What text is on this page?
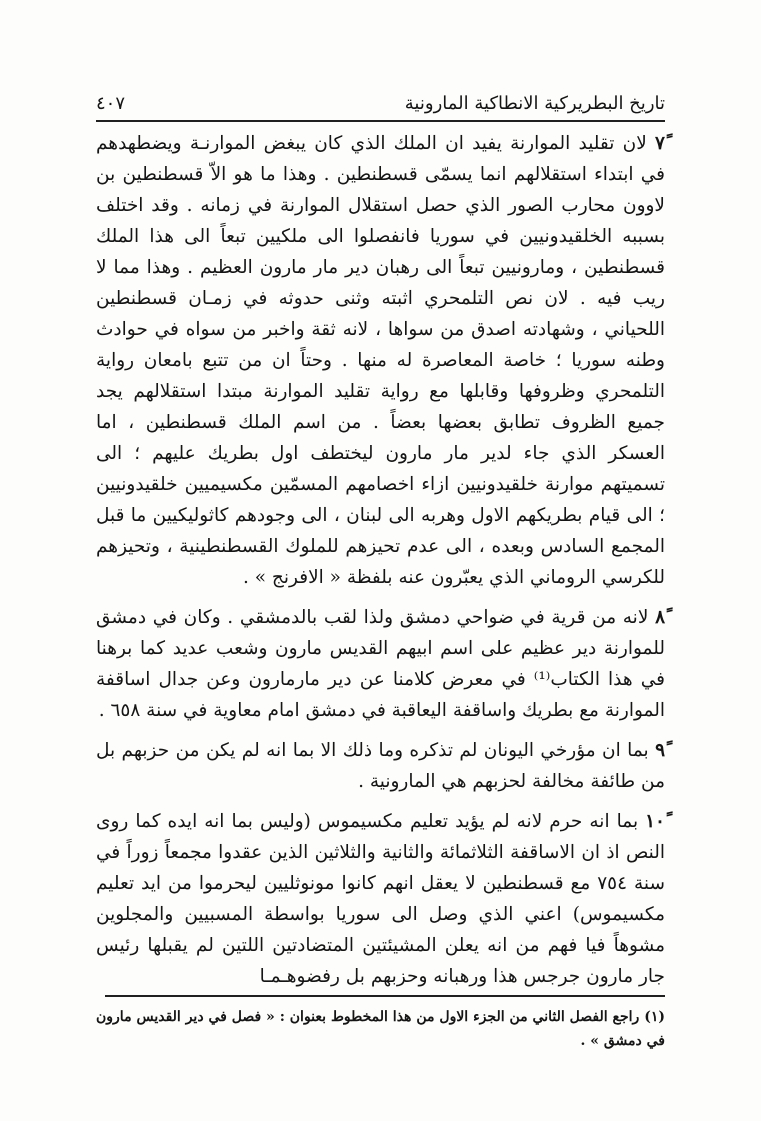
تاريخ البطريركية الانطاكية المارونية
٤٠٧

٧ً لان تقليد الموارنة يفيد ان الملك الذي كان يبغض الموارنـة ويضطهدهم في ابتداء استقلالهم انما يسمّى قسطنطين . وهذا ما هو الاّ قسطنطين بن لاوون محارب الصور الذي حصل استقلال الموارنة في زمانه . وقد اختلف بسببه الخلقيدونيين في سوريا فانفصلوا الى ملكيين تبعاً الى هذا الملك قسطنطين ، ومارونيين تبعاً الى رهبان دير مار مارون العظيم . وهذا مما لا ريب فيه . لان نص التلمحري اثبته وثنى حدوثه في زمـان قسطنطين اللحياني ، وشهادته اصدق من سواها ، لانه ثقة واخبر من سواه في حوادث وطنه سوريا ؛ خاصة المعاصرة له منها . وحتاً ان من تتبع بامعان رواية التلمحري وظروفها وقابلها مع رواية تقليد الموارنة مبتدا استقلالهم يجد جميع الظروف تطابق بعضها بعضاً . من اسم الملك قسطنطين ، اما العسكر الذي جاء لدير مار مارون ليختطف اول بطريك عليهم ؛ الى تسميتهم موارنة خلقيدونيين ازاء اخصامهم المسمّين مكسيميين خلقيدونيين ؛ الى قيام بطريكهم الاول وهربه الى لبنان ، الى وجودهم كاثوليكيين ما قبل المجمع السادس وبعده ، الى عدم تحيزهم للملوك القسطنطينية ، وتحيزهم للكرسي الروماني الذي يعبّرون عنه بلفظة « الافرنج » .

٨ً لانه من قرية في ضواحي دمشق ولذا لقب بالدمشقي . وكان في دمشق للموارنة دير عظيم على اسم ابيهم القديس مارون وشعب عديد كما برهنا في هذا الكتاب⁽¹⁾ في معرض كلامنا عن دير مارمارون وعن جدال اساقفة الموارنة مع بطريك واساقفة اليعاقبة في دمشق امام معاوية في سنة ٦٥٨ .

٩ً بما ان مؤرخي اليونان لم تذكره وما ذلك الا بما انه لم يكن من حزبهم بل من طائفة مخالفة لحزبهم هي المارونية .

١٠ً بما انه حرم لانه لم يؤيد تعليم مكسيموس (وليس بما انه ايده كما روى النص اذ ان الاساقفة الثلاثمائة والثانية والثلاثين الذين عقدوا مجمعاً زوراً في سنة ٧٥٤ مع قسطنطين لا يعقل انهم كانوا مونوثليين ليحرموا من ايد تعليم مكسيموس) اعني الذي وصل الى سوريا بواسطة المسبيين والمجلوين مشوهاً فيا فهم من انه يعلن المشيئتين المتضادتين اللتين لم يقبلها رئيس جار مارون جرجس هذا ورهبانه وحزبهم بل رفضوهـمـا

(١) راجع الفصل الثاني من الجزء الاول من هذا المخطوط بعنوان : « فصل في دير القديس مارون في دمشق » .
